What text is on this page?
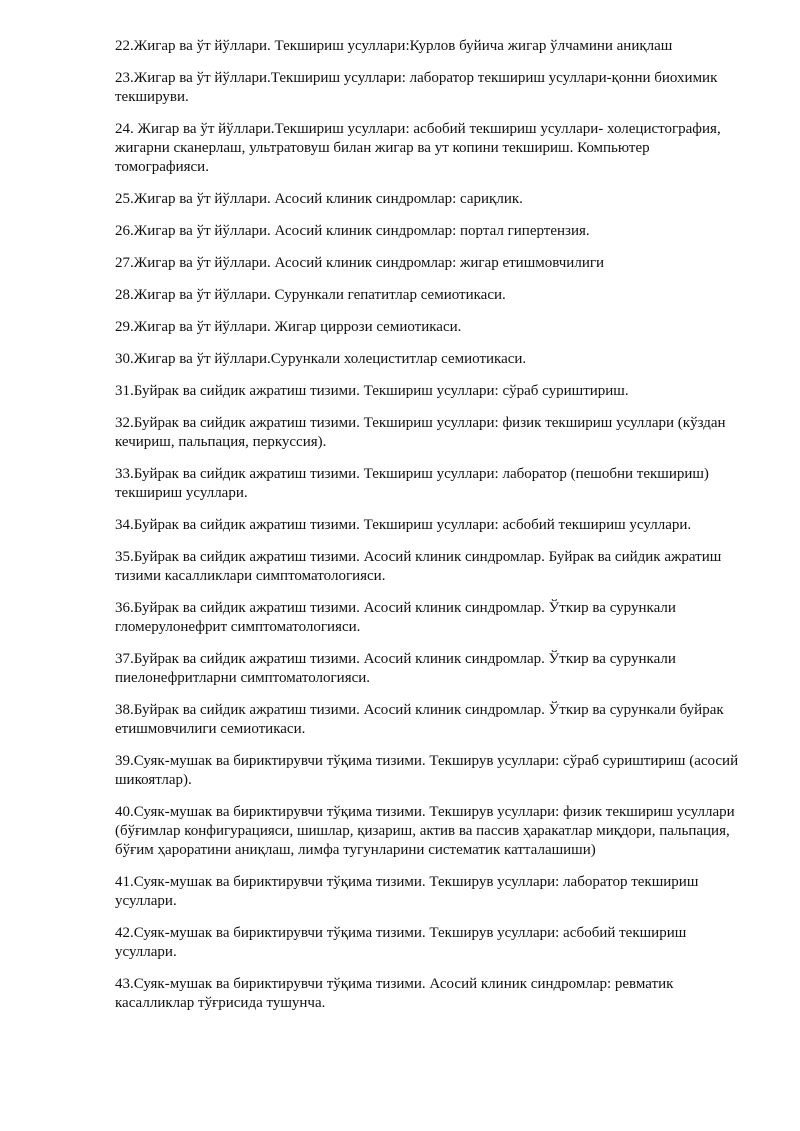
22.Жигар ва ўт йўллари. Текшириш усуллари:Курлов буйича жигар ўлчамини аниқлаш
23.Жигар ва ўт йўллари.Текшириш усуллари: лаборатор текшириш усуллари-қонни биохимик текшируви.
24. Жигар ва ўт йўллари.Текшириш усуллари: асбобий текшириш усуллари- холецистография, жигарни сканерлаш, ультратовуш билан жигар ва ут копини текшириш. Компьютер томографияси.
25.Жигар ва ўт йўллари. Асосий клиник синдромлар: сариқлик.
26.Жигар ва ўт йўллари. Асосий клиник синдромлар: портал гипертензия.
27.Жигар ва ўт йўллари. Асосий клиник синдромлар: жигар етишмовчилиги
28.Жигар ва ўт йўллари. Сурункали гепатитлар семиотикаси.
29.Жигар ва ўт йўллари. Жигар циррози семиотикаси.
30.Жигар ва ўт йўллари.Сурункали холециститлар семиотикаси.
31.Буйрак ва сийдик ажратиш тизими. Текшириш усуллари: сўраб суриштириш.
32.Буйрак ва сийдик ажратиш тизими. Текшириш усуллари: физик текшириш усуллари (кўздан кечириш, пальпация, перкуссия).
33.Буйрак ва сийдик ажратиш тизими. Текшириш усуллари: лаборатор (пешобни текшириш) текшириш усуллари.
34.Буйрак ва сийдик ажратиш тизими. Текшириш усуллари: асбобий текшириш усуллари.
35.Буйрак ва сийдик ажратиш тизими. Асосий клиник синдромлар. Буйрак ва сийдик ажратиш тизими касалликлари симптоматологияси.
36.Буйрак ва сийдик ажратиш тизими. Асосий клиник синдромлар. Ўткир ва сурункали гломерулонефрит симптоматологияси.
37.Буйрак ва сийдик ажратиш тизими. Асосий клиник синдромлар. Ўткир ва сурункали пиелонефритларни симптоматологияси.
38.Буйрак ва сийдик ажратиш тизими. Асосий клиник синдромлар. Ўткир ва сурункали буйрак етишмовчилиги семиотикаси.
39.Суяк-мушак ва бириктирувчи тўқима тизими. Текширув усуллари: сўраб суриштириш (асосий шикоятлар).
40.Суяк-мушак ва бириктирувчи тўқима тизими. Текширув усуллари: физик текшириш усуллари (бўғимлар конфигурацияси, шишлар, қизариш, актив ва пассив ҳаракатлар миқдори, пальпация, бўғим ҳароратини аниқлаш, лимфа тугунларини систематик катталашиши)
41.Суяк-мушак ва бириктирувчи тўқима тизими. Текширув усуллари: лаборатор текшириш усуллари.
42.Суяк-мушак ва бириктирувчи тўқима тизими. Текширув усуллари: асбобий текшириш усуллари.
43.Суяк-мушак ва бириктирувчи тўқима тизими. Асосий клиник синдромлар: ревматик касалликлар тўғрисида тушунча.
